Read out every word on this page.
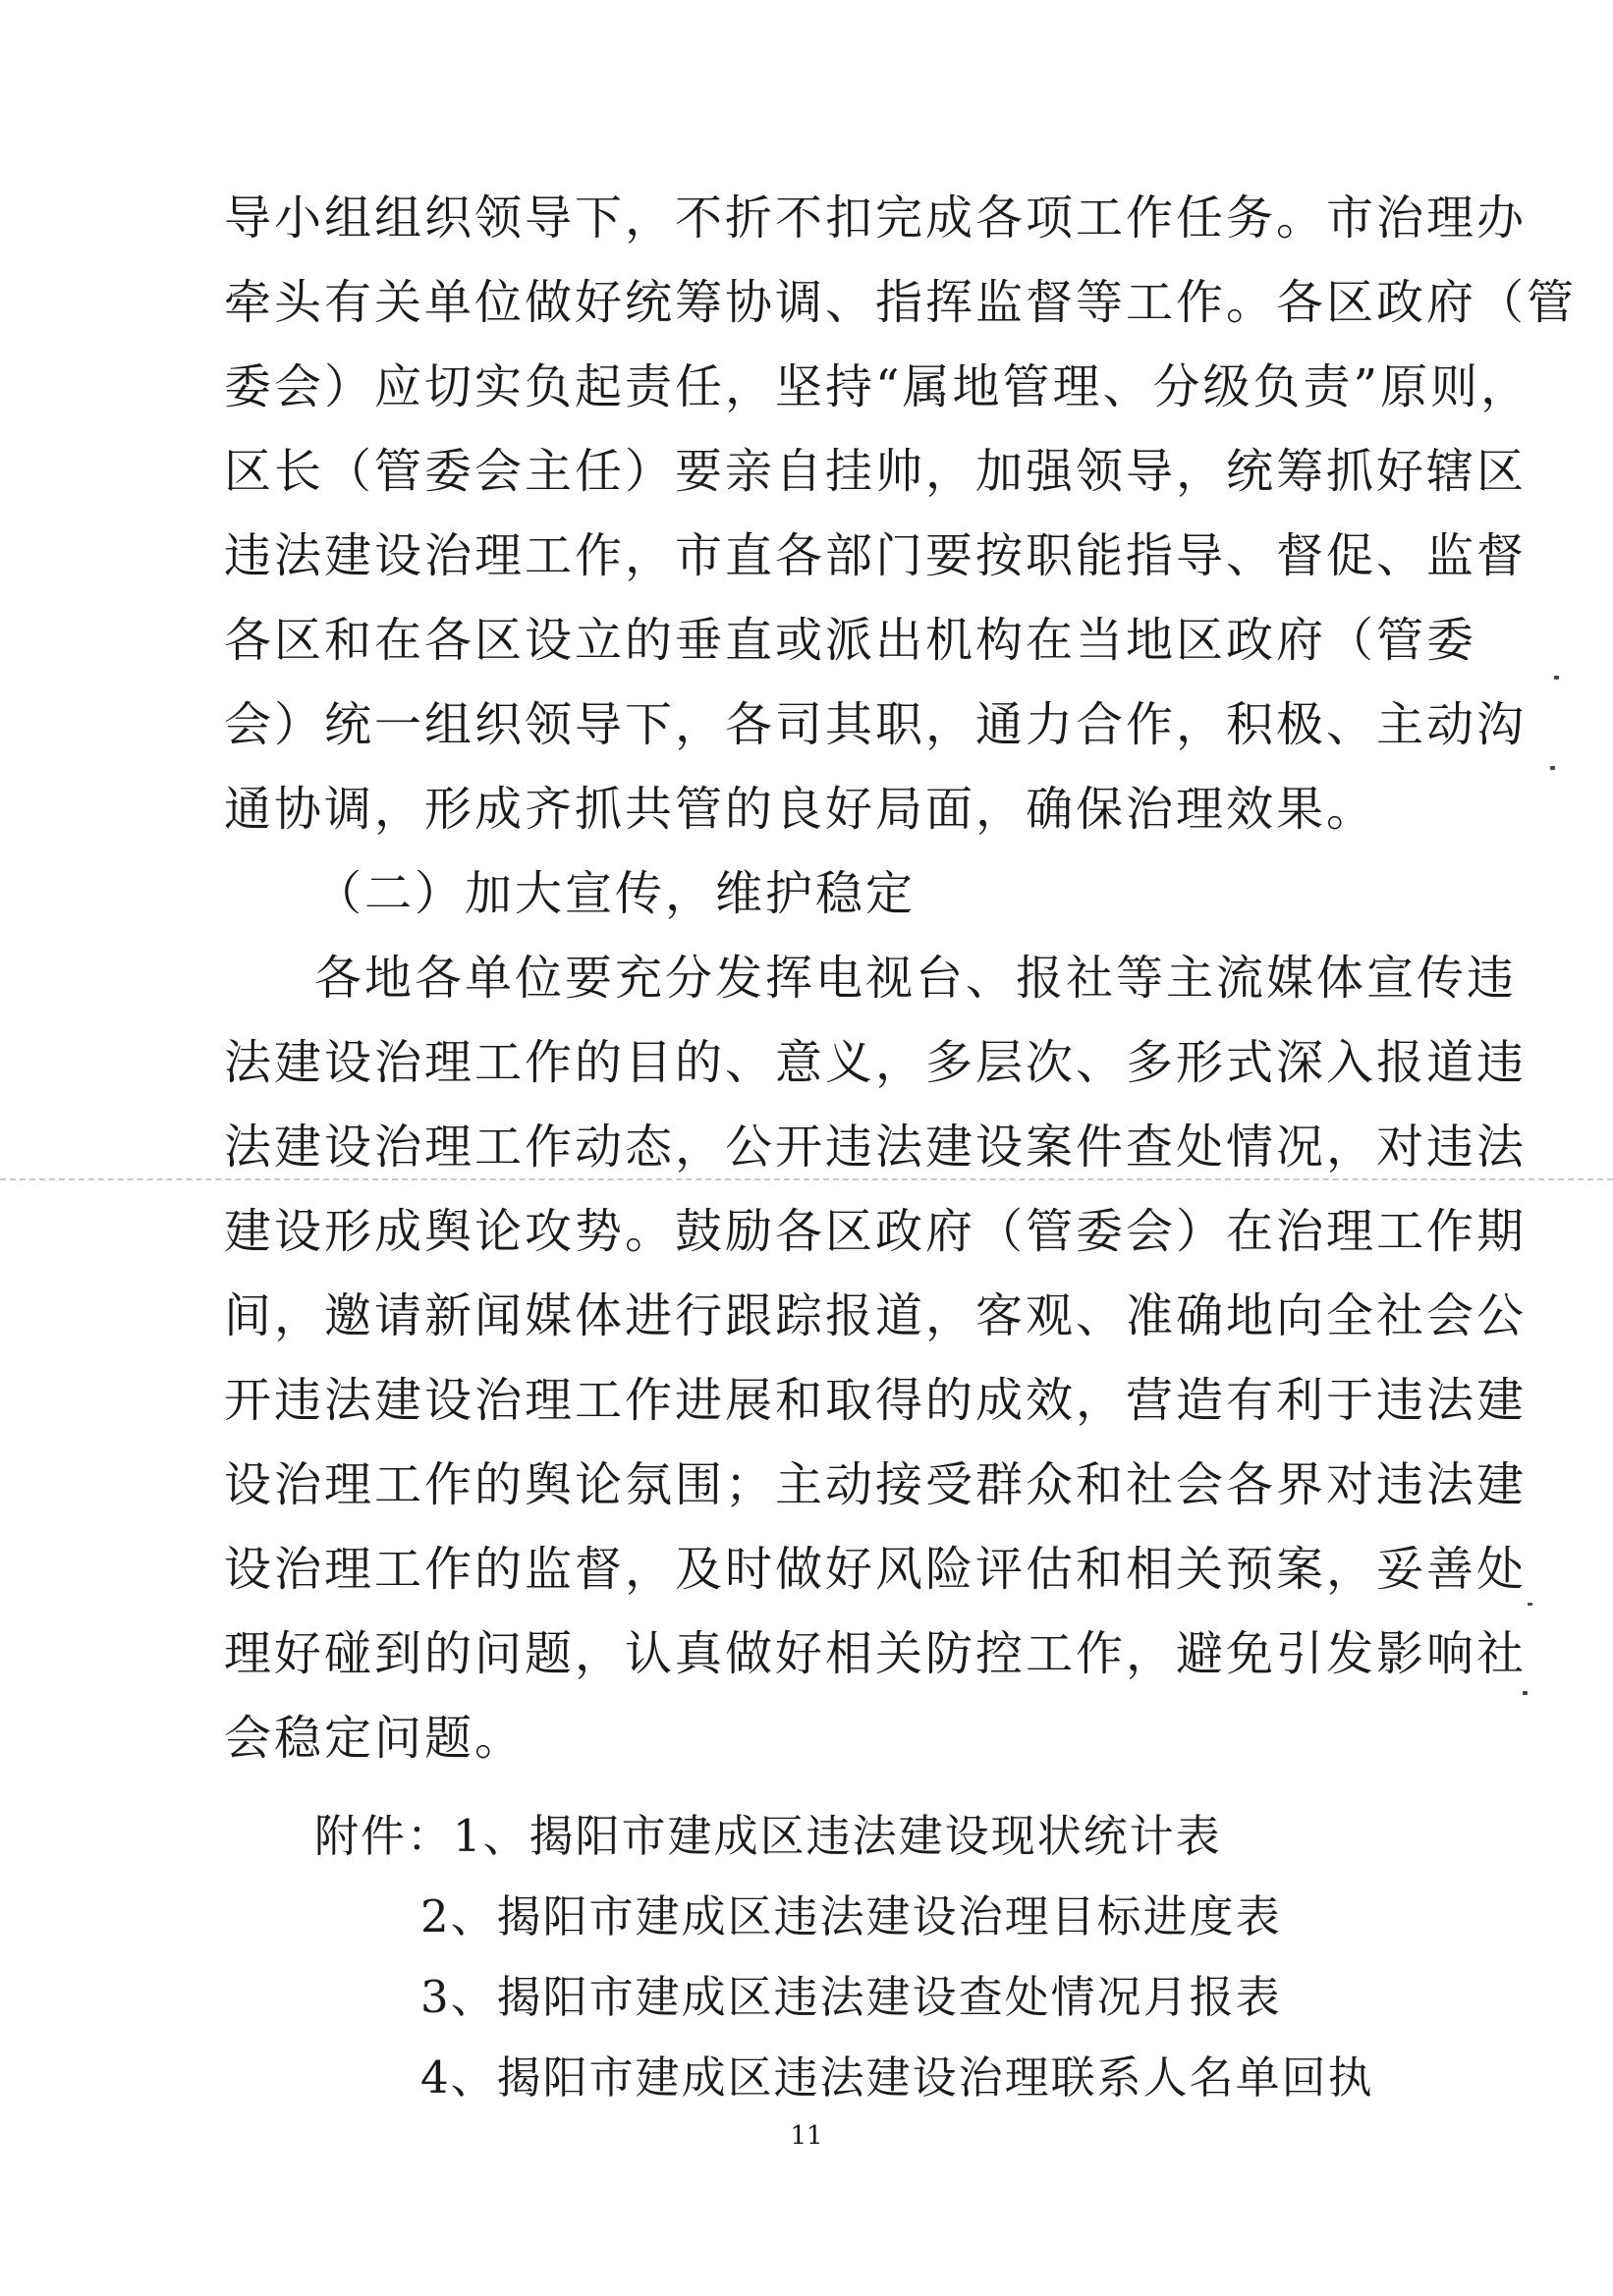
导小组组织领导下，不折不扣完成各项工作任务。市治理办
牵头有关单位做好统筹协调、指挥监督等工作。各区政府（管
委会）应切实负起责任，坚持“属地管理、分级负责”原则，
区长（管委会主任）要亲自挂帅，加强领导，统筹抓好辖区
违法建设治理工作，市直各部门要按职能指导、督促、监督
各区和在各区设立的垂直或派出机构在当地区政府（管委
会）统一组织领导下，各司其职，通力合作，积极、主动沟
通协调，形成齐抓共管的良好局面，确保治理效果。
（二）加大宣传，维护稳定
各地各单位要充分发挥电视台、报社等主流媒体宣传违
法建设治理工作的目的、意义，多层次、多形式深入报道违
法建设治理工作动态，公开违法建设案件查处情况，对违法
建设形成舆论攻势。鼓励各区政府（管委会）在治理工作期
间，邀请新闻媒体进行跟踪报道，客观、准确地向全社会公
开违法建设治理工作进展和取得的成效，营造有利于违法建
设治理工作的舆论氛围；主动接受群众和社会各界对违法建
设治理工作的监督，及时做好风险评估和相关预案，妥善处
理好碰到的问题，认真做好相关防控工作，避免引发影响社
会稳定问题。
附件：1、揭阳市建成区违法建设现状统计表
2、揭阳市建成区违法建设治理目标进度表
3、揭阳市建成区违法建设查处情况月报表
4、揭阳市建成区违法建设治理联系人名单回执
11
